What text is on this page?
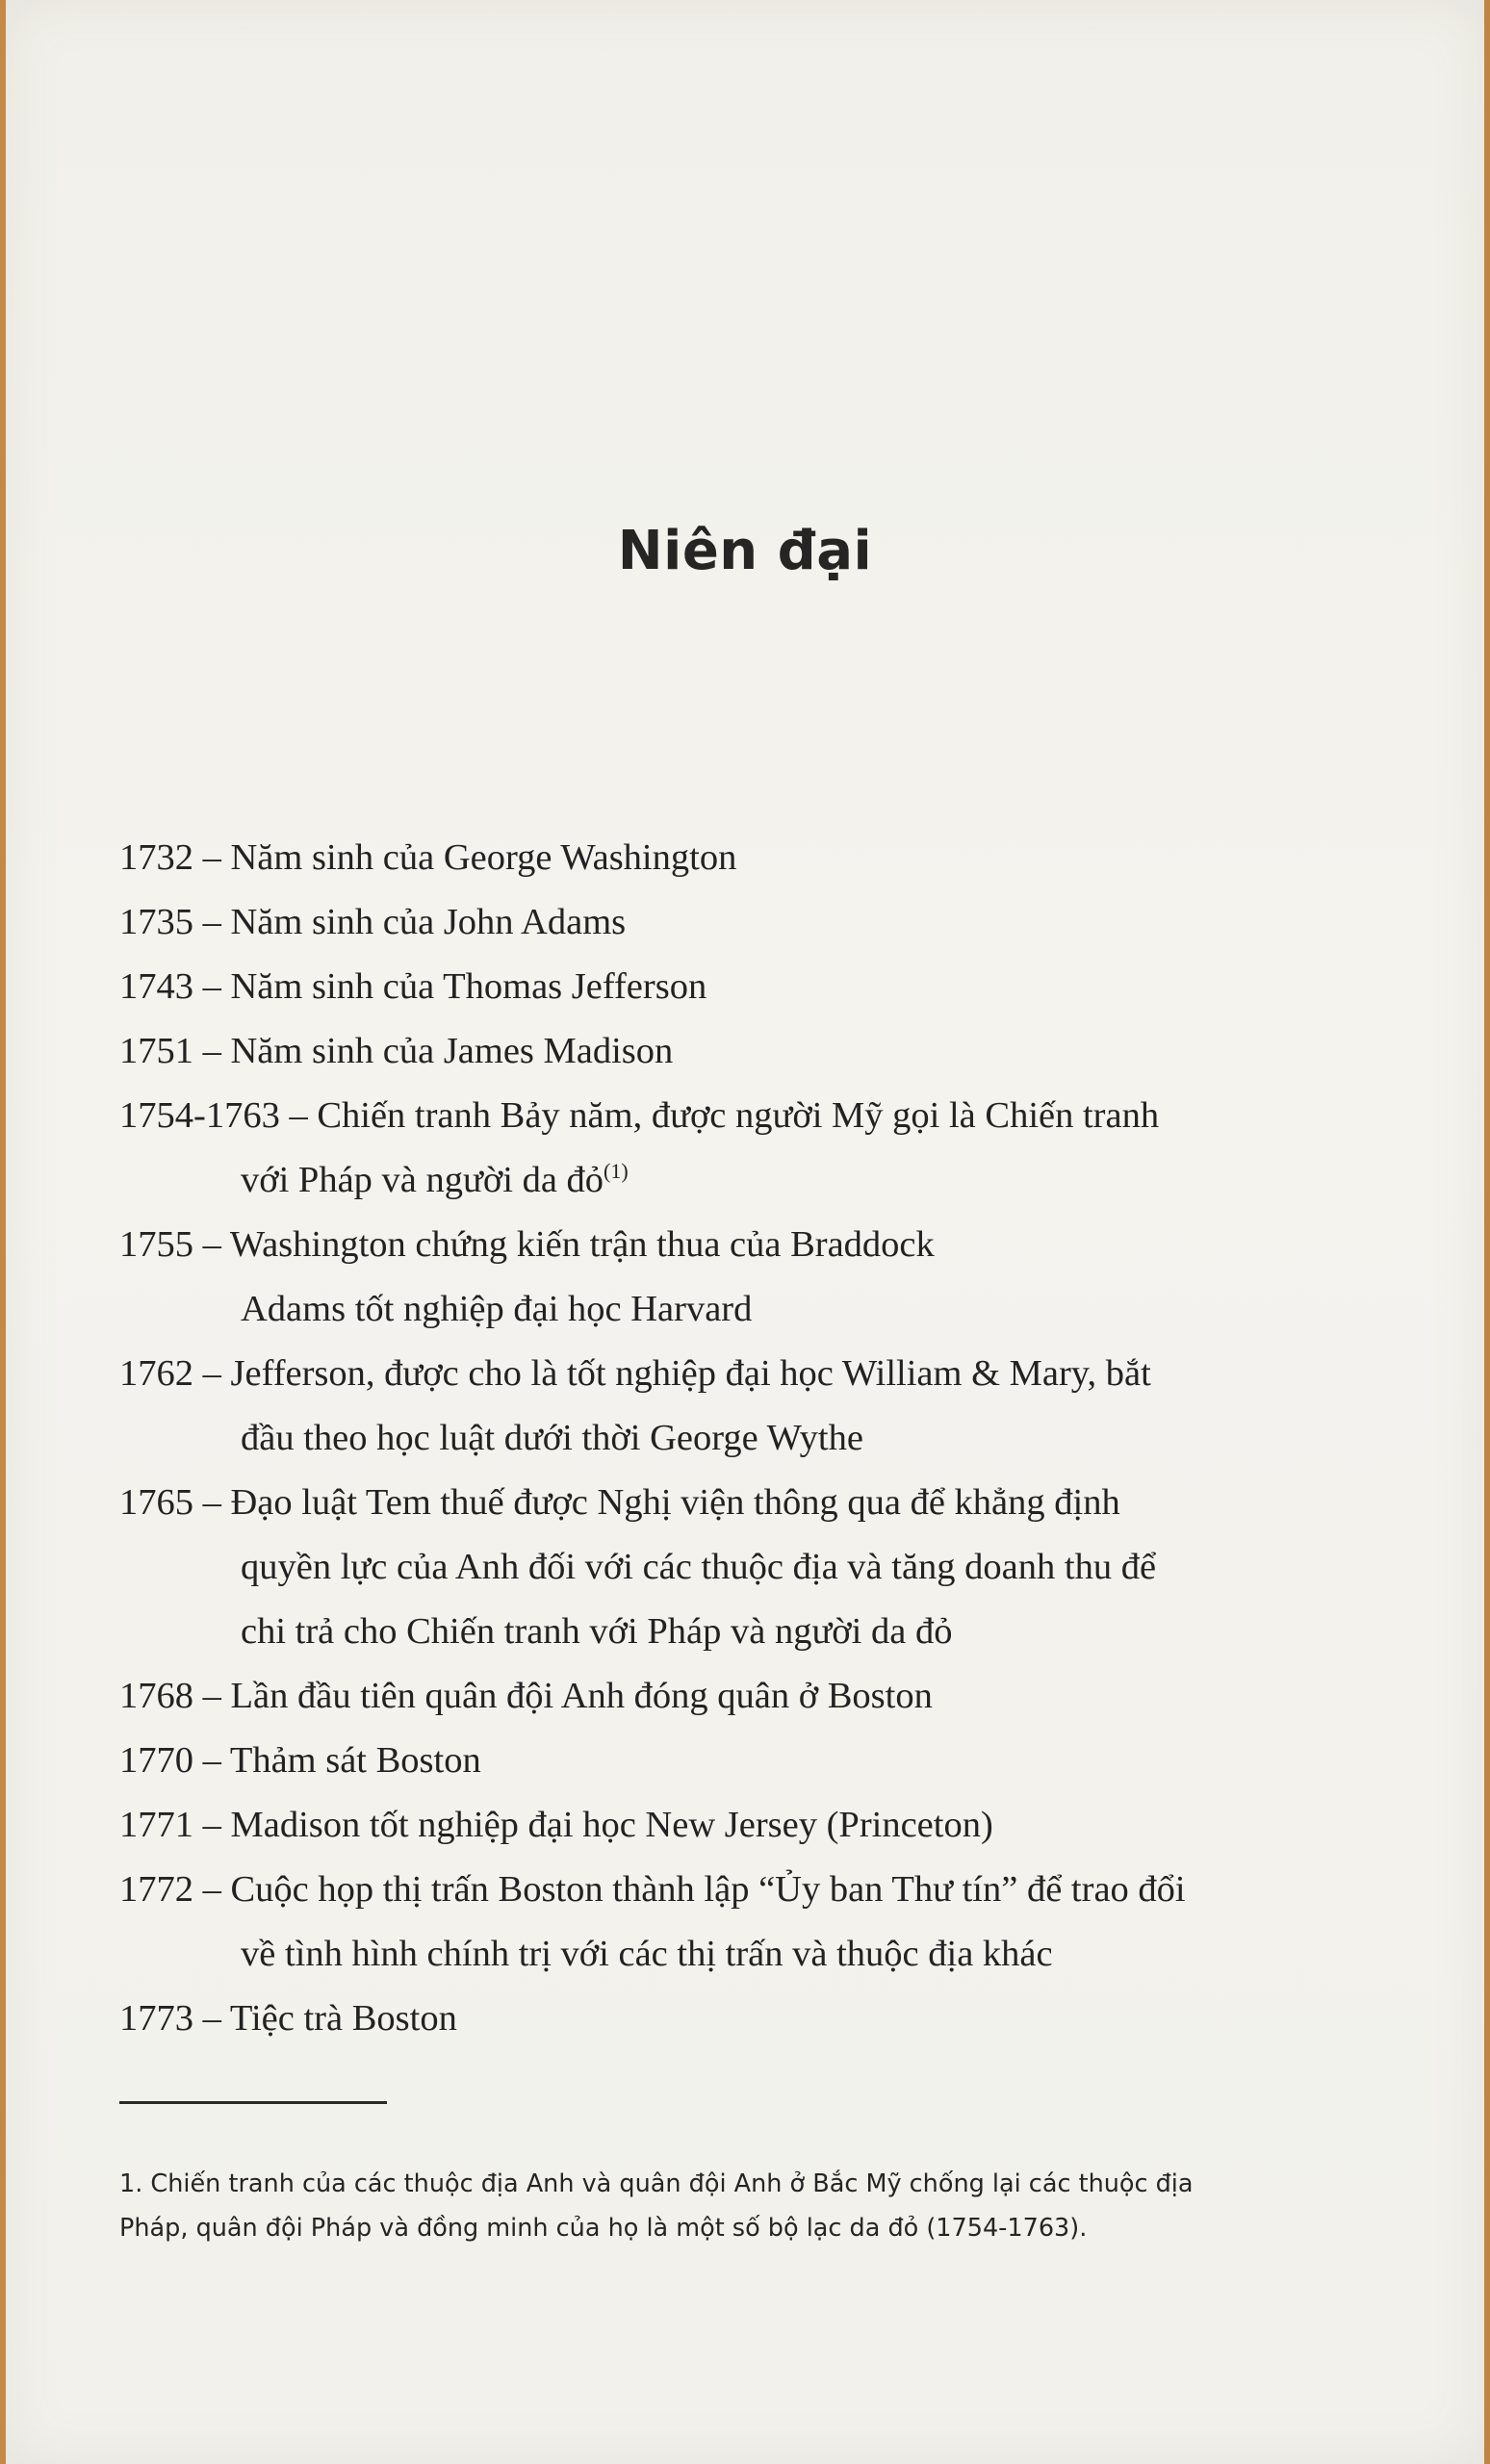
Niên đại
1732 – Năm sinh của George Washington
1735 – Năm sinh của John Adams
1743 – Năm sinh của Thomas Jefferson
1751 – Năm sinh của James Madison
1754-1763 – Chiến tranh Bảy năm, được người Mỹ gọi là Chiến tranh
với Pháp và người da đỏ$^{(1)}$
1755 – Washington chứng kiến trận thua của Braddock
Adams tốt nghiệp đại học Harvard
1762 – Jefferson, được cho là tốt nghiệp đại học William & Mary, bắt
đầu theo học luật dưới thời George Wythe
1765 – Đạo luật Tem thuế được Nghị viện thông qua để khẳng định
quyền lực của Anh đối với các thuộc địa và tăng doanh thu để
chi trả cho Chiến tranh với Pháp và người da đỏ
1768 – Lần đầu tiên quân đội Anh đóng quân ở Boston
1770 – Thảm sát Boston
1771 – Madison tốt nghiệp đại học New Jersey (Princeton)
1772 – Cuộc họp thị trấn Boston thành lập “Ủy ban Thư tín” để trao đổi
về tình hình chính trị với các thị trấn và thuộc địa khác
1773 – Tiệc trà Boston
1. Chiến tranh của các thuộc địa Anh và quân đội Anh ở Bắc Mỹ chống lại các thuộc địa
Pháp, quân đội Pháp và đồng minh của họ là một số bộ lạc da đỏ (1754-1763).
